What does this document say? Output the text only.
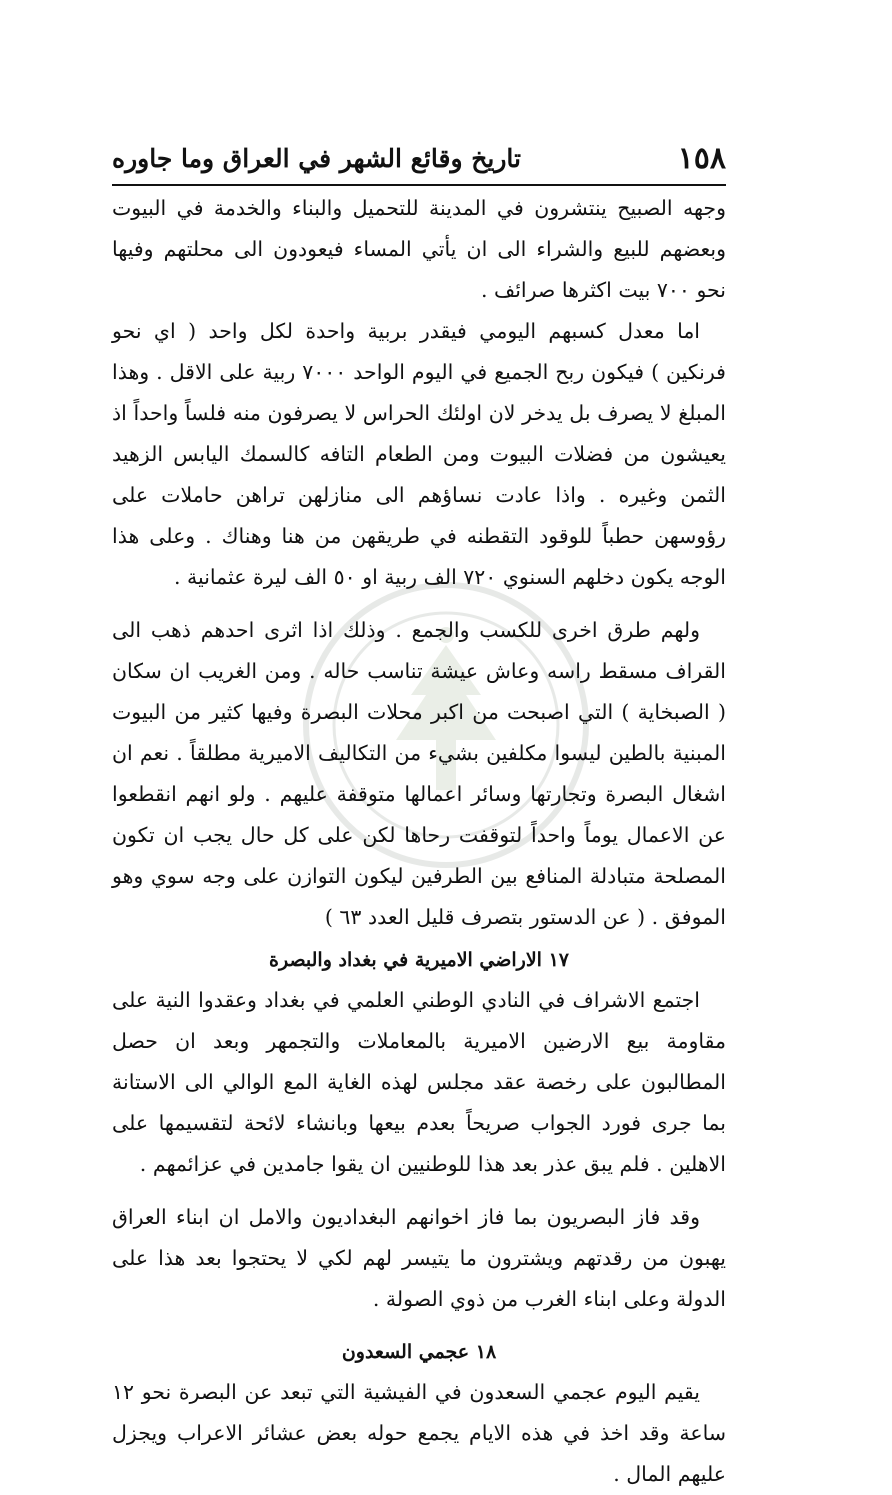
١٥٨
تاريخ وقائع الشهر في العراق وما جاوره

وجهه الصبيح ينتشرون في المدينة للتحميل والبناء والخدمة في البيوت وبعضهم للبيع والشراء الى ان يأتي المساء فيعودون الى محلتهم وفيها نحو ٧٠٠ بيت اكثرها صرائف .

اما معدل كسبهم اليومي فيقدر بربية واحدة لكل واحد ( اي نحو فرنكين ) فيكون ربح الجميع في اليوم الواحد ٧٠٠٠ ربية على الاقل . وهذا المبلغ لا يصرف بل يدخر لان اولئك الحراس لا يصرفون منه فلساً واحداً اذ يعيشون من فضلات البيوت ومن الطعام التافه كالسمك اليابس الزهيد الثمن وغيره . واذا عادت نساؤهم الى منازلهن تراهن حاملات على رؤوسهن حطباً للوقود التقطنه في طريقهن من هنا وهناك . وعلى هذا الوجه يكون دخلهم السنوي ٧٢٠ الف ربية او ٥٠ الف ليرة عثمانية .

ولهم طرق اخرى للكسب والجمع . وذلك اذا اثرى احدهم ذهب الى القراف مسقط راسه وعاش عيشة تناسب حاله . ومن الغريب ان سكان ( الصبخاية ) التي اصبحت من اكبر محلات البصرة وفيها كثير من البيوت المبنية بالطين ليسوا مكلفين بشيء من التكاليف الاميرية مطلقاً . نعم ان اشغال البصرة وتجارتها وسائر اعمالها متوقفة عليهم . ولو انهم انقطعوا عن الاعمال يوماً واحداً لتوقفت رحاها لكن على كل حال يجب ان تكون المصلحة متبادلة المنافع بين الطرفين ليكون التوازن على وجه سوي وهو الموفق . ( عن الدستور بتصرف قليل العدد ٦٣ )

١٧ الاراضي الاميرية في بغداد والبصرة

اجتمع الاشراف في النادي الوطني العلمي في بغداد وعقدوا النية على مقاومة بيع الارضين الاميرية بالمعاملات والتجمهر وبعد ان حصل المطالبون على رخصة عقد مجلس لهذه الغاية المع الوالي الى الاستانة بما جرى فورد الجواب صريحاً بعدم بيعها وبانشاء لائحة لتقسيمها على الاهلين . فلم يبق عذر بعد هذا للوطنيين ان يقوا جامدين في عزائمهم .

وقد فاز البصريون بما فاز اخوانهم البغداديون والامل ان ابناء العراق يهبون من رقدتهم ويشترون ما يتيسر لهم لكي لا يحتجوا بعد هذا على الدولة وعلى ابناء الغرب من ذوي الصولة .

١٨ عجمي السعدون

يقيم اليوم عجمي السعدون في الفيشية التي تبعد عن البصرة نحو ١٢ ساعة وقد اخذ في هذه الايام يجمع حوله بعض عشائر الاعراب ويجزل عليهم المال .
